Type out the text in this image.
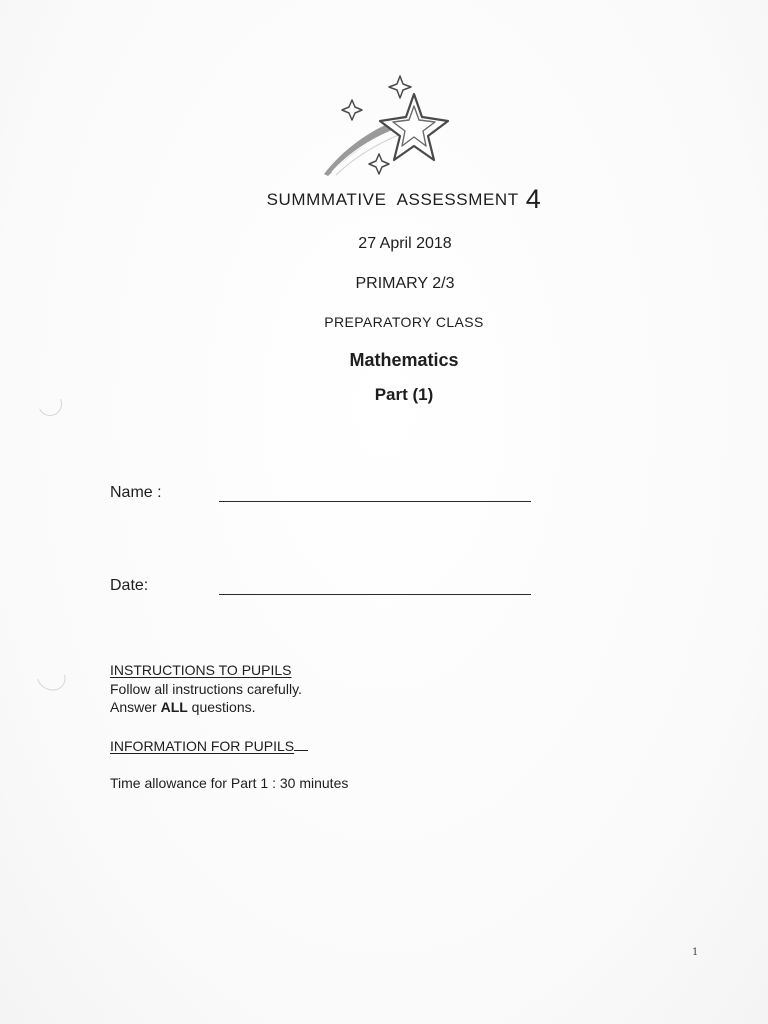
SUMMMATIVE ASSESSMENT 4
27 April 2018
PRIMARY 2/3
PREPARATORY CLASS
Mathematics
Part (1)
Name :
Date:
INSTRUCTIONS TO PUPILS
Follow all instructions carefully.
Answer ALL questions.
INFORMATION FOR PUPILS
Time allowance for Part 1 : 30 minutes
1
